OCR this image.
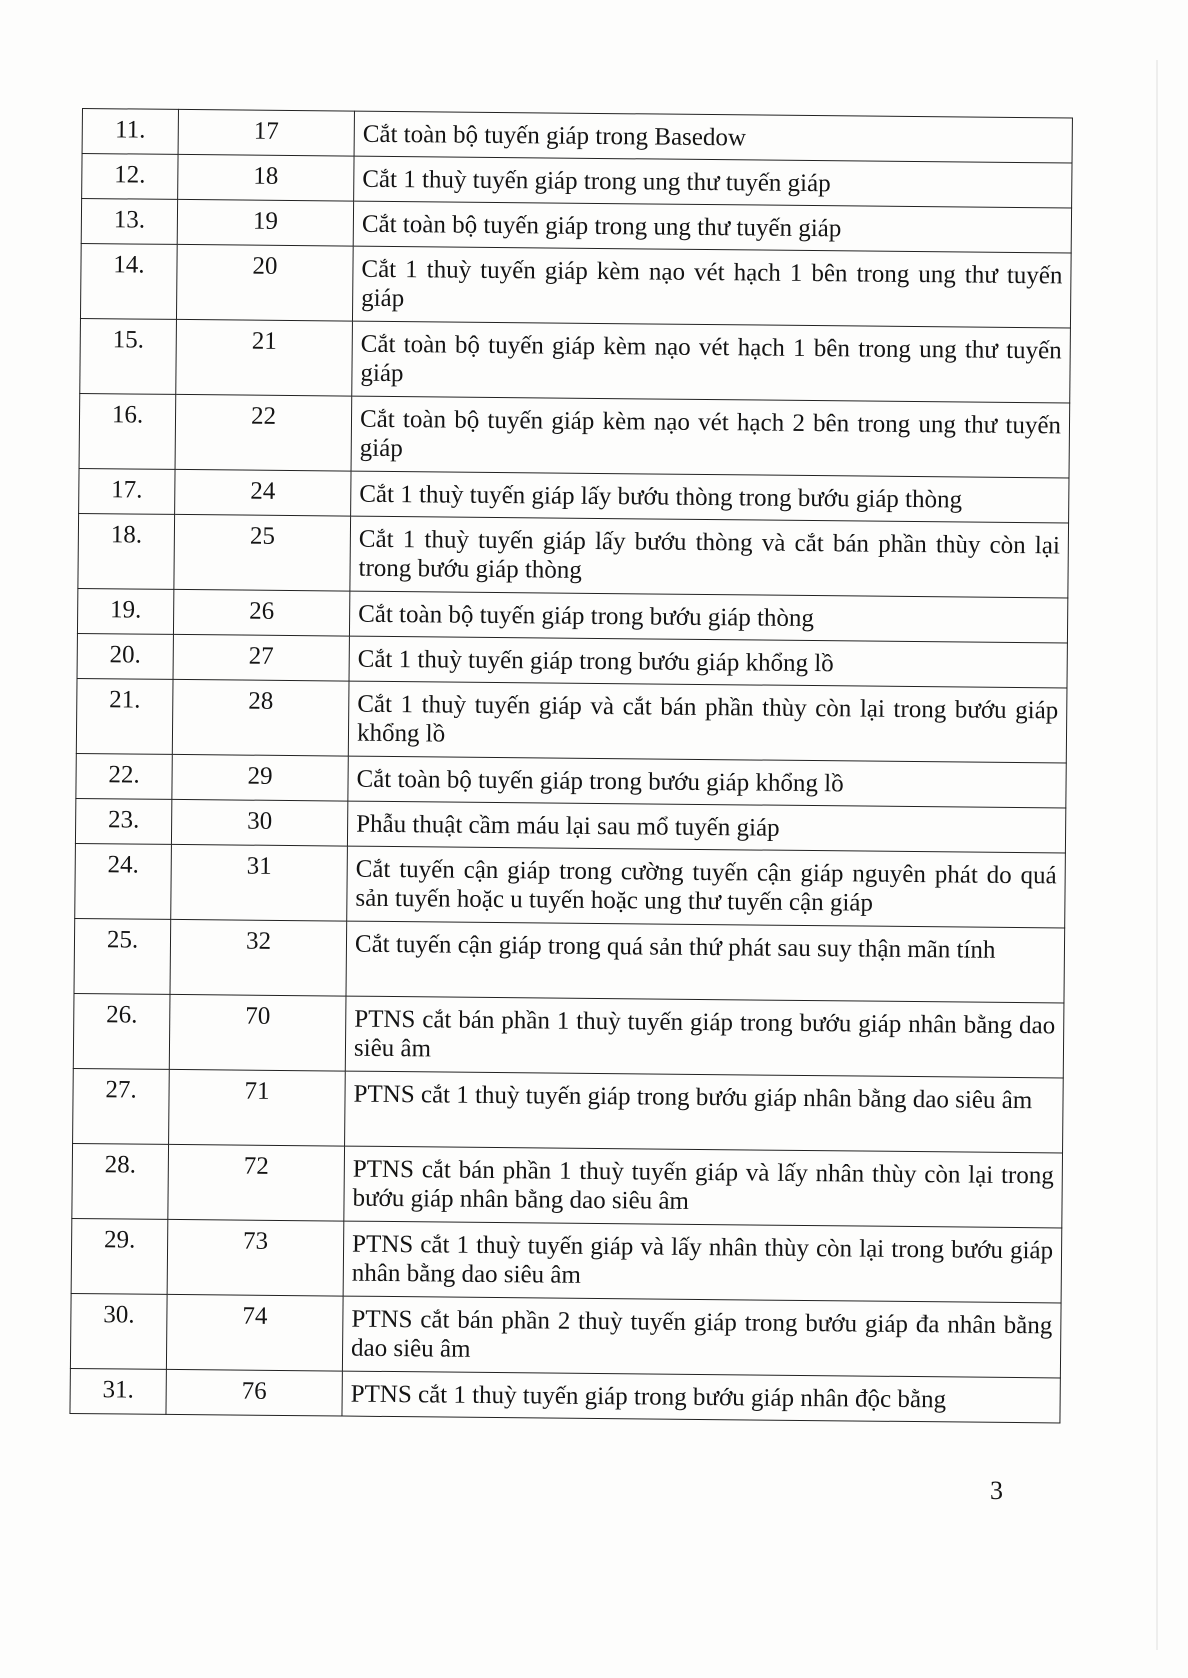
11.	17	Cắt toàn bộ tuyến giáp trong Basedow
12.	18	Cắt 1 thuỳ tuyến giáp trong ung thư tuyến giáp
13.	19	Cắt toàn bộ tuyến giáp trong ung thư tuyến giáp
14.	20	Cắt 1 thuỳ tuyến giáp kèm nạo vét hạch 1 bên trong ung thư tuyến giáp
15.	21	Cắt toàn bộ tuyến giáp kèm nạo vét hạch 1 bên trong ung thư tuyến giáp
16.	22	Cắt toàn bộ tuyến giáp kèm nạo vét hạch 2 bên trong ung thư tuyến giáp
17.	24	Cắt 1 thuỳ tuyến giáp lấy bướu thòng trong bướu giáp thòng
18.	25	Cắt 1 thuỳ tuyến giáp lấy bướu thòng và cắt bán phần thùy còn lại trong bướu giáp thòng
19.	26	Cắt toàn bộ tuyến giáp trong bướu giáp thòng
20.	27	Cắt 1 thuỳ tuyến giáp trong bướu giáp khổng lồ
21.	28	Cắt 1 thuỳ tuyến giáp và cắt bán phần thùy còn lại trong bướu giáp khổng lồ
22.	29	Cắt toàn bộ tuyến giáp trong bướu giáp khổng lồ
23.	30	Phẫu thuật cầm máu lại sau mổ tuyến giáp
24.	31	Cắt tuyến cận giáp trong cường tuyến cận giáp nguyên phát do quá sản tuyến hoặc u tuyến hoặc ung thư tuyến cận giáp
25.	32	Cắt tuyến cận giáp trong quá sản thứ phát sau suy thận mãn tính
26.	70	PTNS cắt bán phần 1 thuỳ tuyến giáp trong bướu giáp nhân bằng dao siêu âm
27.	71	PTNS cắt 1 thuỳ tuyến giáp trong bướu giáp nhân bằng dao siêu âm
28.	72	PTNS cắt bán phần 1 thuỳ tuyến giáp và lấy nhân thùy còn lại trong bướu giáp nhân bằng dao siêu âm
29.	73	PTNS cắt 1 thuỳ tuyến giáp và lấy nhân thùy còn lại trong bướu giáp nhân bằng dao siêu âm
30.	74	PTNS cắt bán phần 2 thuỳ tuyến giáp trong bướu giáp đa nhân bằng dao siêu âm
31.	76	PTNS cắt 1 thuỳ tuyến giáp trong bướu giáp nhân độc bằng
3
